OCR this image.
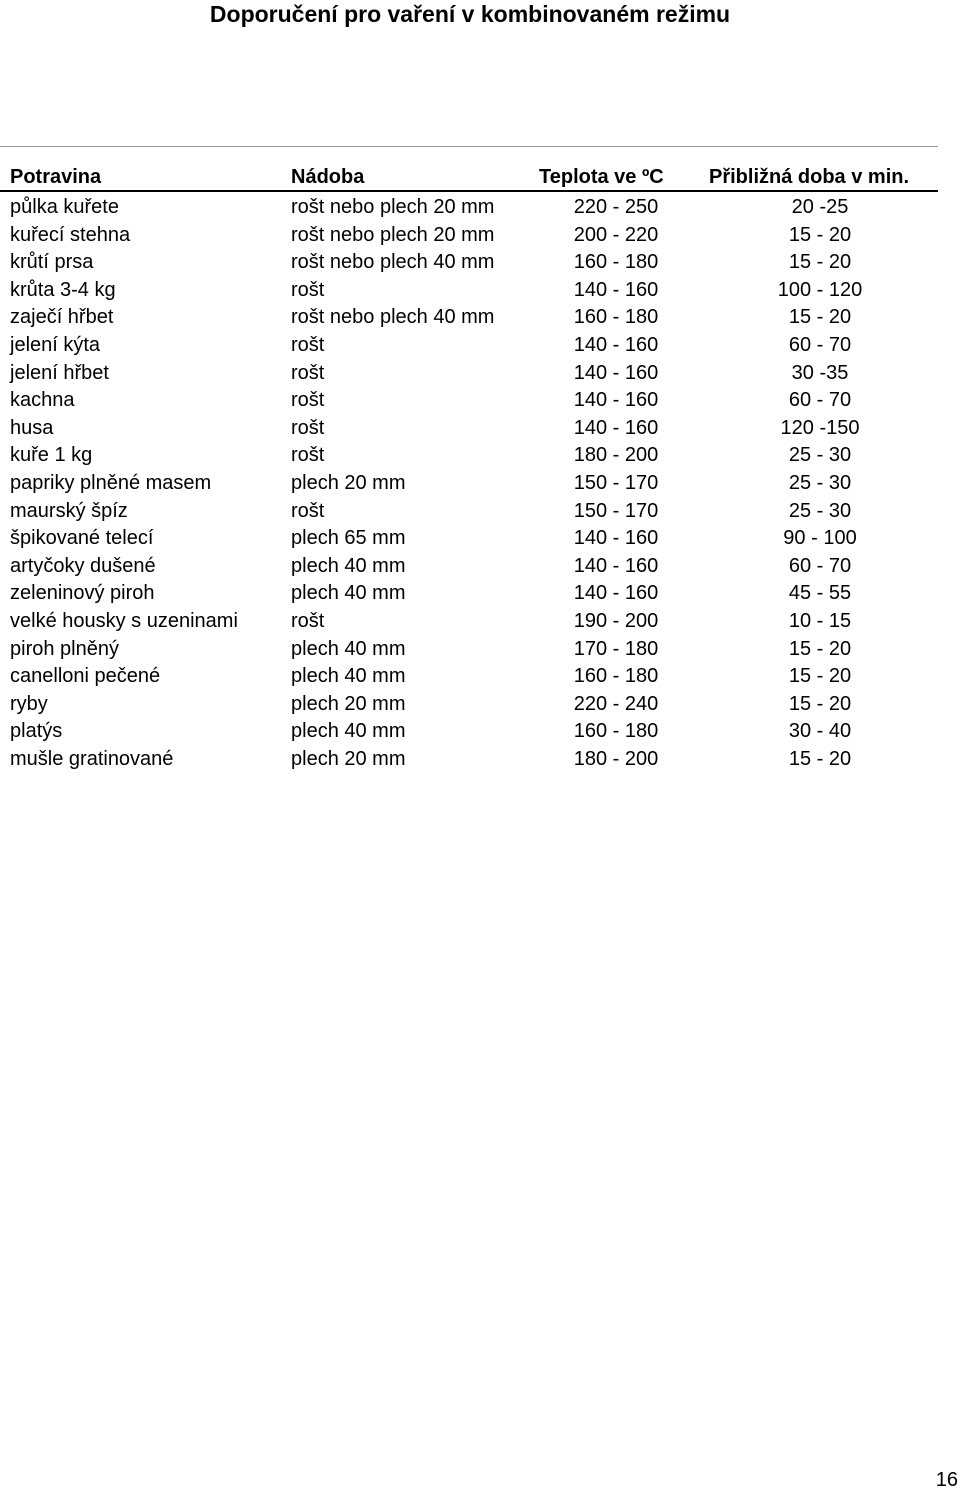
Doporučení pro vaření v kombinovaném režimu
Potravina	Nádoba	Teplota ve ºC Přibližná doba v min.
půlka kuřete	rošt nebo plech 20 mm	220 - 250	20 -25
kuřecí stehna	rošt nebo plech 20 mm	200 - 220	15 - 20
krůtí prsa	rošt nebo plech 40 mm	160 - 180	15 - 20
krůta 3-4 kg	rošt	140 - 160	100 - 120
zaječí hřbet	rošt nebo plech 40 mm	160 - 180	15 - 20
jelení kýta	rošt	140 - 160	60 - 70
jelení hřbet	rošt	140 - 160	30 -35
kachna	rošt	140 - 160	60 - 70
husa	rošt	140 - 160	120 -150
kuře 1 kg	rošt	180 - 200	25 - 30
papriky plněné masem	plech 20 mm	150 - 170	25 - 30
maurský špíz	rošt	150 - 170	25 - 30
špikované telecí	plech 65 mm	140 - 160	90 - 100
artyčoky dušené	plech 40 mm	140 - 160	60 - 70
zeleninový piroh	plech 40 mm	140 - 160	45 - 55
velké housky s uzeninami	rošt	190 - 200	10 - 15
piroh plněný	plech 40 mm	170 - 180	15 - 20
canelloni pečené	plech 40 mm	160 - 180	15 - 20
ryby	plech 20 mm	220 - 240	15 - 20
platýs	plech 40 mm	160 - 180	30 - 40
mušle gratinované	plech 20 mm	180 - 200	15 - 20
16
